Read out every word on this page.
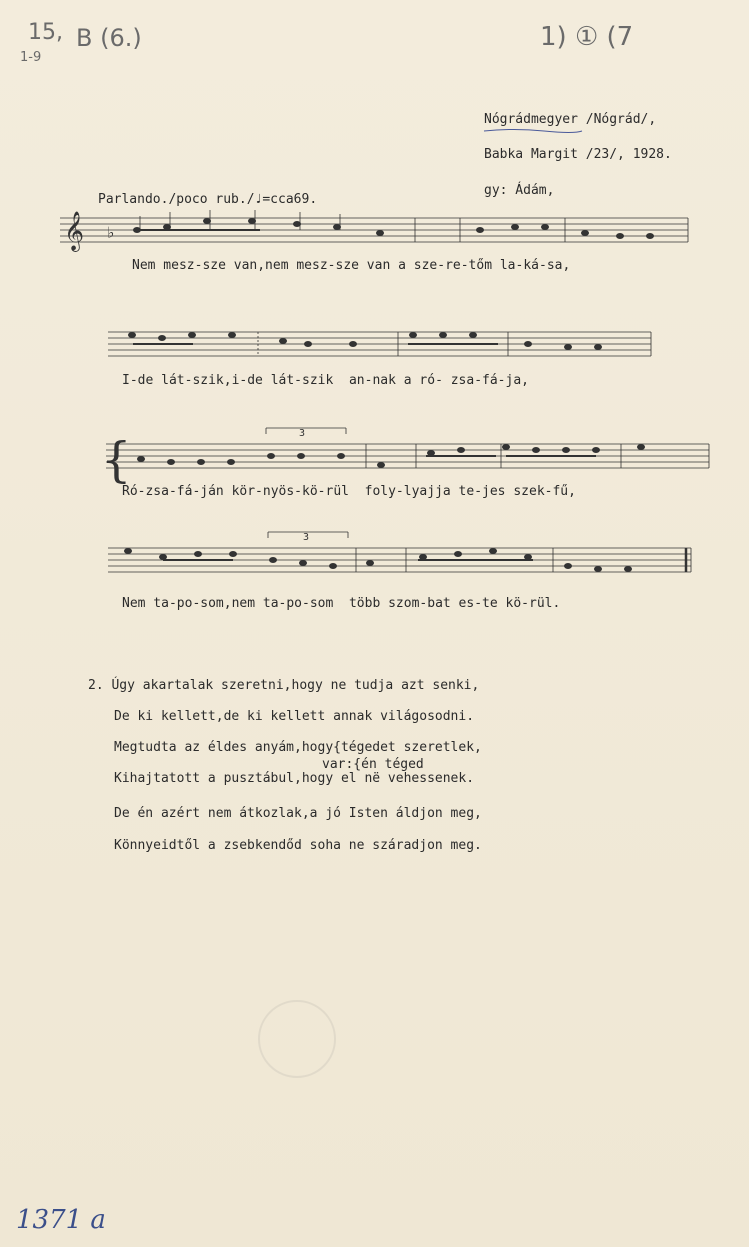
15,
1-9
B (6.)	1) ① (7
Nógrádmegyer /Nógrád/,
Babka Margit /23/, 1928.
gy: Ádám,
Parlando./poco rub./♩=cca69.
𝄞 ♭
Nem mesz-sze van,nem mesz-sze van a sze-re-tőm la-ká-sa,
I-de lát-szik,i-de lát-szik  an-nak a ró- zsa-fá-ja,
{	3
Ró-zsa-fá-ján kör-nyös-kö-rül  foly-lyajja te-jes szek-fű,
3
Nem ta-po-som,nem ta-po-som  több szom-bat es-te kö-rül.
2. Úgy akartalak szeretni,hogy ne tudja azt senki,
De ki kellett,de ki kellett annak világosodni.
Megtudta az éldes anyám,hogy{tégedet szeretlek,
var:{én téged
Kihajtatott a pusztábul,hogy el në vehessenek.
De én azért nem átkozlak,a jó Isten áldjon meg,
Könnyeidtől a zsebkendőd soha ne száradjon meg.
1371 a
